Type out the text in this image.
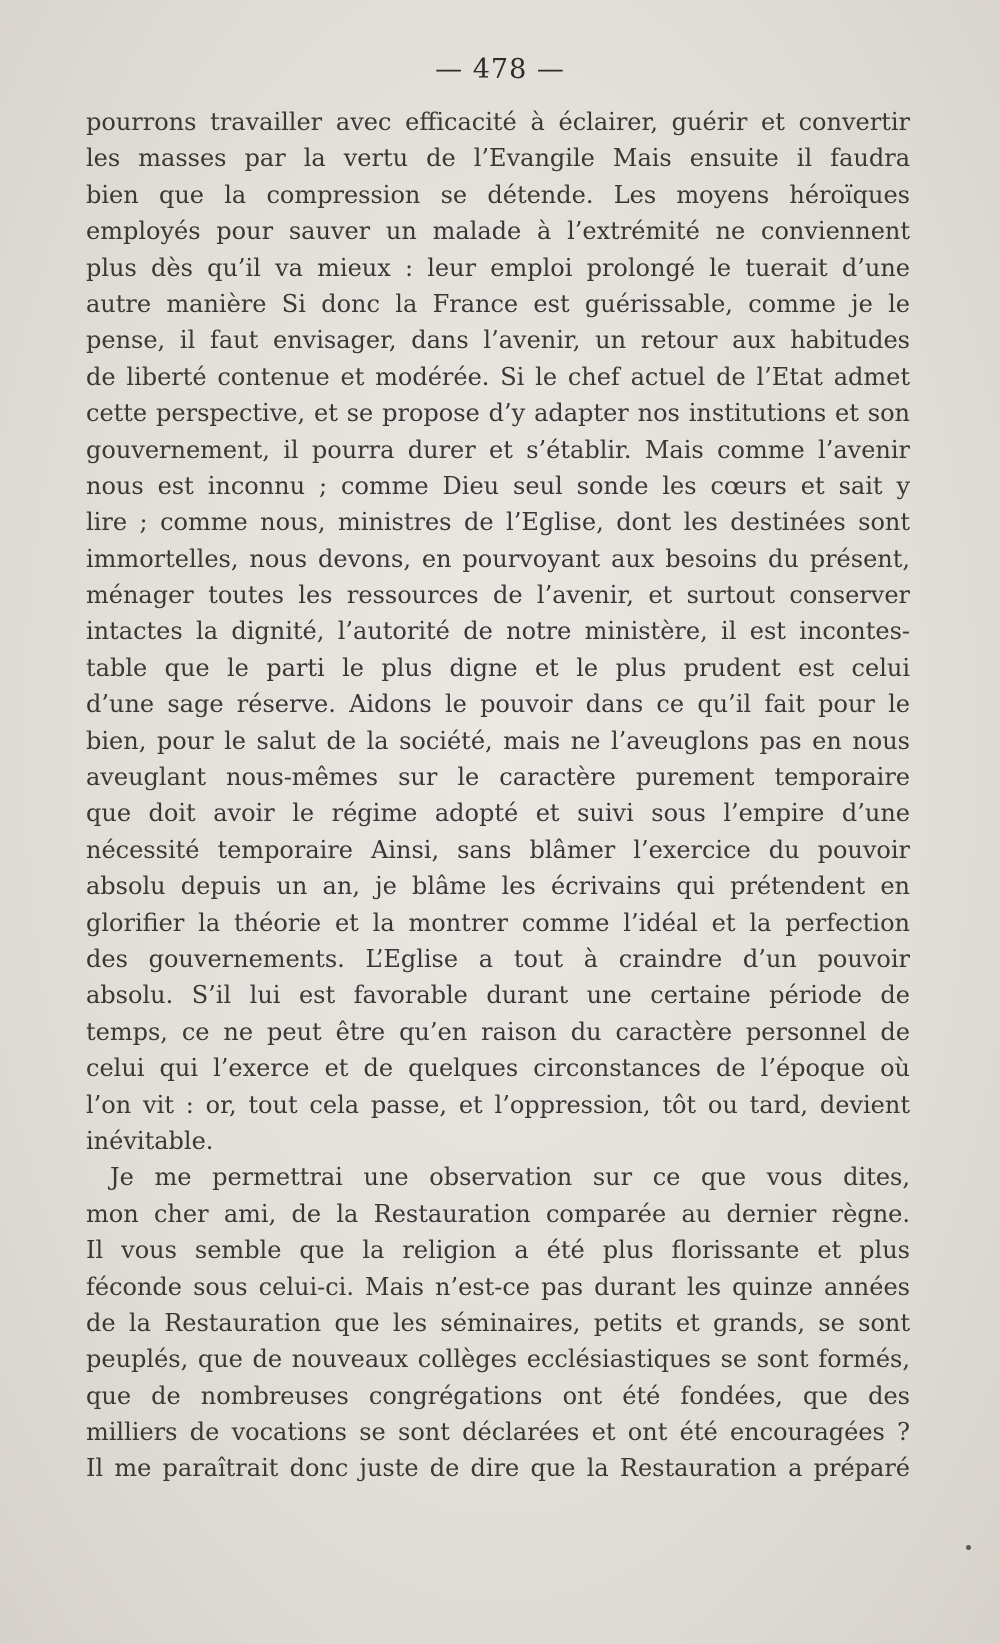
— 478 —
pourrons travailler avec efficacité à éclairer, guérir et convertir
les masses par la vertu de l’Evangile Mais ensuite il faudra
bien que la compression se détende. Les moyens héroïques
employés pour sauver un malade à l’extrémité ne conviennent
plus dès qu’il va mieux : leur emploi prolongé le tuerait d’une
autre manière Si donc la France est guérissable, comme je le
pense, il faut envisager, dans l’avenir, un retour aux habitudes
de liberté contenue et modérée. Si le chef actuel de l’Etat admet
cette perspective, et se propose d’y adapter nos institutions et son
gouvernement, il pourra durer et s’établir. Mais comme l’avenir
nous est inconnu ; comme Dieu seul sonde les cœurs et sait y
lire ; comme nous, ministres de l’Eglise, dont les destinées sont
immortelles, nous devons, en pourvoyant aux besoins du présent,
ménager toutes les ressources de l’avenir, et surtout conserver
intactes la dignité, l’autorité de notre ministère, il est incontes-
table que le parti le plus digne et le plus prudent est celui
d’une sage réserve. Aidons le pouvoir dans ce qu’il fait pour le
bien, pour le salut de la société, mais ne l’aveuglons pas en nous
aveuglant nous-mêmes sur le caractère purement temporaire
que doit avoir le régime adopté et suivi sous l’empire d’une
nécessité temporaire Ainsi, sans blâmer l’exercice du pouvoir
absolu depuis un an, je blâme les écrivains qui prétendent en
glorifier la théorie et la montrer comme l’idéal et la perfection
des gouvernements. L’Eglise a tout à craindre d’un pouvoir
absolu. S’il lui est favorable durant une certaine période de
temps, ce ne peut être qu’en raison du caractère personnel de
celui qui l’exerce et de quelques circonstances de l’époque où
l’on vit : or, tout cela passe, et l’oppression, tôt ou tard, devient
inévitable.
Je me permettrai une observation sur ce que vous dites,
mon cher ami, de la Restauration comparée au dernier règne.
Il vous semble que la religion a été plus florissante et plus
féconde sous celui-ci. Mais n’est-ce pas durant les quinze années
de la Restauration que les séminaires, petits et grands, se sont
peuplés, que de nouveaux collèges ecclésiastiques se sont formés,
que de nombreuses congrégations ont été fondées, que des
milliers de vocations se sont déclarées et ont été encouragées ?
Il me paraîtrait donc juste de dire que la Restauration a préparé
